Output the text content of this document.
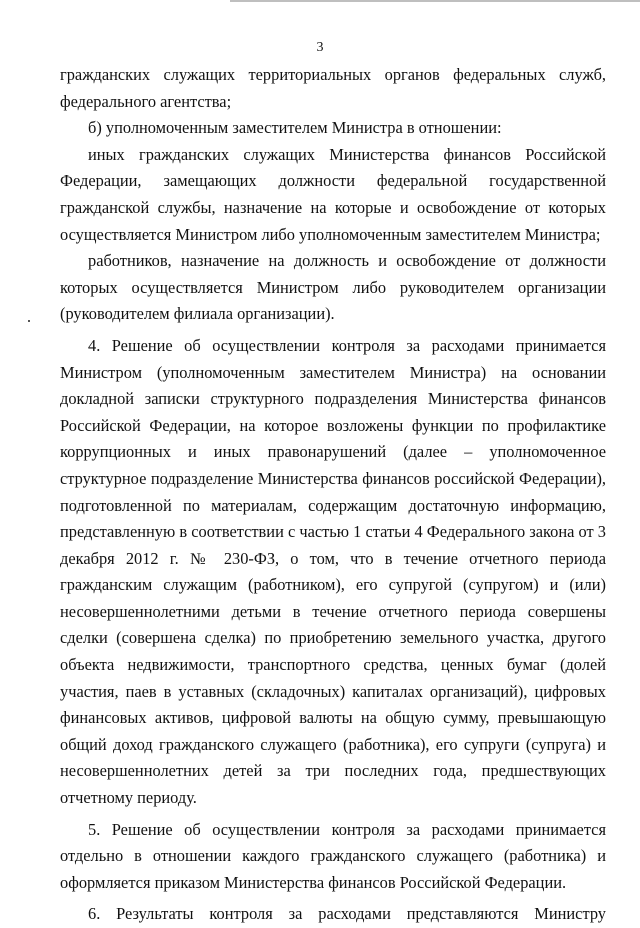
3

гражданских служащих территориальных органов федеральных служб, федерального агентства;

б) уполномоченным заместителем Министра в отношении:

иных гражданских служащих Министерства финансов Российской Федерации, замещающих должности федеральной государственной гражданской службы, назначение на которые и освобождение от которых осуществляется Министром либо уполномоченным заместителем Министра;

работников, назначение на должность и освобождение от должности которых осуществляется Министром либо руководителем организации (руководителем филиала организации).

4. Решение об осуществлении контроля за расходами принимается Министром (уполномоченным заместителем Министра) на основании докладной записки структурного подразделения Министерства финансов Российской Федерации, на которое возложены функции по профилактике коррупционных и иных правонарушений (далее – уполномоченное структурное подразделение Министерства финансов российской Федерации), подготовленной по материалам, содержащим достаточную информацию, представленную в соответствии с частью 1 статьи 4 Федерального закона от 3 декабря 2012 г. № 230-ФЗ, о том, что в течение отчетного периода гражданским служащим (работником), его супругой (супругом) и (или) несовершеннолетними детьми в течение отчетного периода совершены сделки (совершена сделка) по приобретению земельного участка, другого объекта недвижимости, транспортного средства, ценных бумаг (долей участия, паев в уставных (складочных) капиталах организаций), цифровых финансовых активов, цифровой валюты на общую сумму, превышающую общий доход гражданского служащего (работника), его супруги (супруга) и несовершеннолетних детей за три последних года, предшествующих отчетному периоду.

5. Решение об осуществлении контроля за расходами принимается отдельно в отношении каждого гражданского служащего (работника) и оформляется приказом Министерства финансов Российской Федерации.

6. Результаты контроля за расходами представляются Министру
